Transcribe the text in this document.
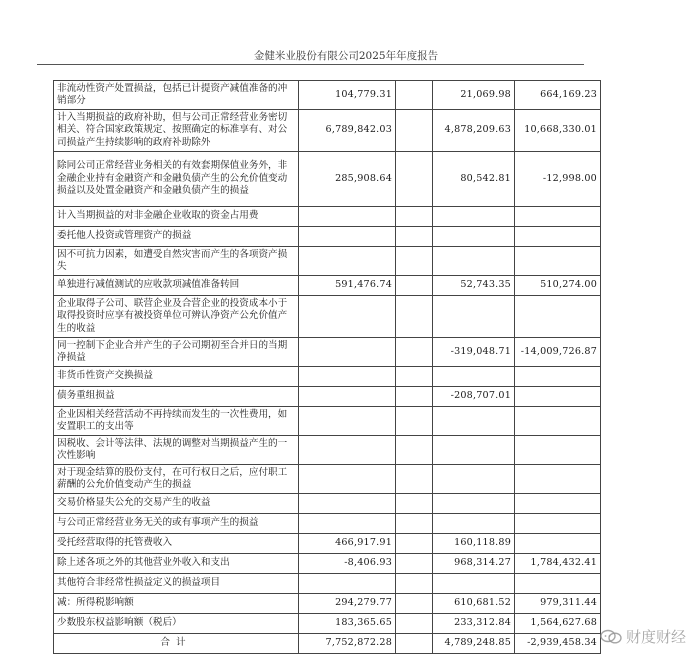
金健米业股份有限公司2025年年度报告
非流动性资产处置损益，包括已计提资产减值准备的冲销部分	104,779.31		21,069.98	664,169.23
计入当期损益的政府补助，但与公司正常经营业务密切相关、符合国家政策规定、按照确定的标准享有、对公司损益产生持续影响的政府补助除外	6,789,842.03		4,878,209.63	10,668,330.01
除同公司正常经营业务相关的有效套期保值业务外，非金融企业持有金融资产和金融负债产生的公允价值变动损益以及处置金融资产和金融负债产生的损益	285,908.64		80,542.81	-12,998.00
计入当期损益的对非金融企业收取的资金占用费				
委托他人投资或管理资产的损益				
因不可抗力因素，如遭受自然灾害而产生的各项资产损失				
单独进行减值测试的应收款项减值准备转回	591,476.74		52,743.35	510,274.00
企业取得子公司、联营企业及合营企业的投资成本小于取得投资时应享有被投资单位可辨认净资产公允价值产生的收益				
同一控制下企业合并产生的子公司期初至合并日的当期净损益			-319,048.71	-14,009,726.87
非货币性资产交换损益				
债务重组损益			-208,707.01	
企业因相关经营活动不再持续而发生的一次性费用，如安置职工的支出等				
因税收、会计等法律、法规的调整对当期损益产生的一次性影响				
对于现金结算的股份支付，在可行权日之后，应付职工薪酬的公允价值变动产生的损益				
交易价格显失公允的交易产生的收益				
与公司正常经营业务无关的或有事项产生的损益				
受托经营取得的托管费收入	466,917.91		160,118.89	
除上述各项之外的其他营业外收入和支出	-8,406.93		968,314.27	1,784,432.41
其他符合非经常性损益定义的损益项目				
减：所得税影响额	294,279.77		610,681.52	979,311.44
少数股东权益影响额（税后）	183,365.65		233,312.84	1,564,627.68
合计	7,752,872.28		4,789,248.85	-2,939,458.34 财度财经
